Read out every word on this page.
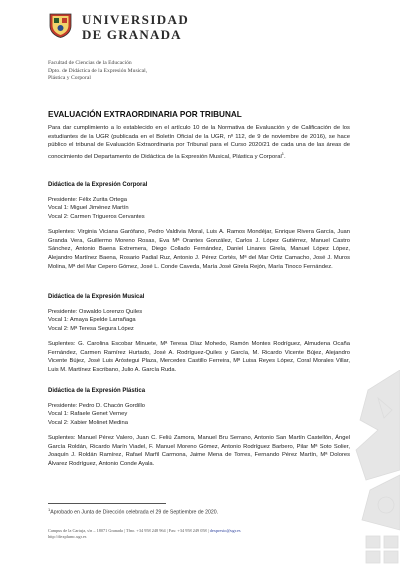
UNIVERSIDAD
DE GRANADA
Facultad de Ciencias de la Educación
Dpto. de Didáctica de la Expresión Musical,
Plástica y Corporal
EVALUACIÓN EXTRAORDINARIA POR TRIBUNAL
Para dar cumplimiento a lo establecido en el artículo 10 de la Normativa de Evaluación y de Calificación de los estudiantes de la UGR (publicada en el Boletín Oficial de la UGR, nº 112, de 9 de noviembre de 2016), se hace público el tribunal de Evaluación Extraordinaria por Tribunal para el Curso 2020/21 de cada una de las áreas de conocimiento del Departamento de Didáctica de la Expresión Musical, Plástica y Corporal$^1$.
Didáctica de la Expresión Corporal
Presidente: Félix Zurita Ortega
Vocal 1: Miguel Jiménez Martín
Vocal 2: Carmen Trigueros Cervantes
Suplentes: Virginia Viciana Garófano, Pedro Valdivia Moral, Luis A. Ramos Mondéjar, Enrique Rivera García, Juan Granda Vera, Guillermo Moreno Rosas, Eva Mª Orantes González, Carlos J. López Gutiérrez, Manuel Castro Sánchez, Antonio Baena Extremera, Diego Collado Fernández, Daniel Linares Girela, Manuel López López, Alejandro Martínez Baena, Rosario Padial Ruz, Antonio J. Pérez Cortés, Mª del Mar Ortiz Camacho, José J. Muros Molina, Mª del Mar Cepero Gómez, José L. Conde Caveda, María José Girela Rejón, María Tinoco Fernández.
Didáctica de la Expresión Musical
Presidente: Oswaldo Lorenzo Quiles
Vocal 1: Amaya Epelde Larrañaga
Vocal 2: Mª Teresa Segura López
Suplentes: G. Carolina Escobar Minuete, Mª Teresa Díaz Mohedo, Ramón Montes Rodríguez, Almudena Ocaña Fernández, Carmen Ramírez Hurtado, José A. Rodríguez-Quiles y García, M. Ricardo Vicente Bújez, Alejandro Vicente Bújez, José Luis Aróstegui Plaza, Mercedes Castillo Ferreira, Mª Luisa Reyes López, Coral Morales Villar, Luis M. Martínez Escribano, Julio A. García Ruda.
Didáctica de la Expresión Plástica
Presidente: Pedro D. Chacón Gordillo
Vocal 1: Rafaele Genet Verney
Vocal 2: Xabier Molinet Medina
Suplentes: Manuel Pérez Valero, Juan C. Feliú Zamora, Manuel Bru Serrano, Antonio San Martín Castellón, Ángel García Roldán, Ricardo Marín Viadel, F. Manuel Moreno Gómez, Antonio Rodríguez Barbero, Pilar Mª Soto Solier, Joaquín J. Roldán Ramírez, Rafael Marfil Carmona, Jaime Mena de Torres, Fernando Pérez Martín, Mª Dolores Álvarez Rodríguez, Antonio Conde Ayala.
$^1$Aprobado en Junta de Dirección celebrada el 29 de Septiembre de 2020.
Campus de la Cartuja, s/n – 18071 Granada | Tfno. +34 958 248 964 | Fax: +34 958 249 058 | dexpresio@ugr.es
http://dexplumc.ugr.es
